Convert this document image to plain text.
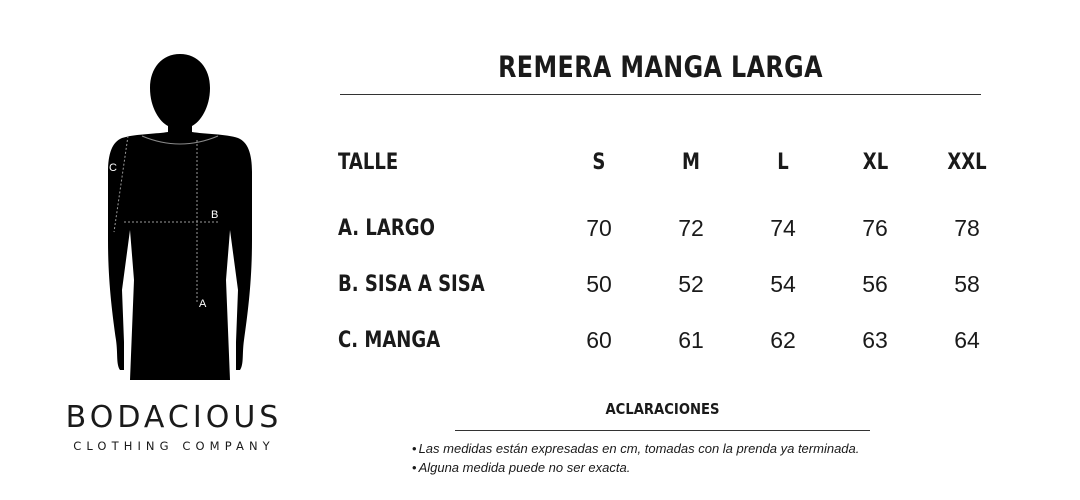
A
B
C
BODACIOUS
CLOTHING COMPANY
REMERA MANGA LARGA
TALLE	S	M	L	XL	XXL
A. LARGO	70	72	74	76	78
B. SISA A SISA	50	52	54	56	58
C. MANGA	60	61	62	63	64
ACLARACIONES
• Las medidas están expresadas en cm, tomadas con la prenda ya terminada.
• Alguna medida puede no ser exacta.
